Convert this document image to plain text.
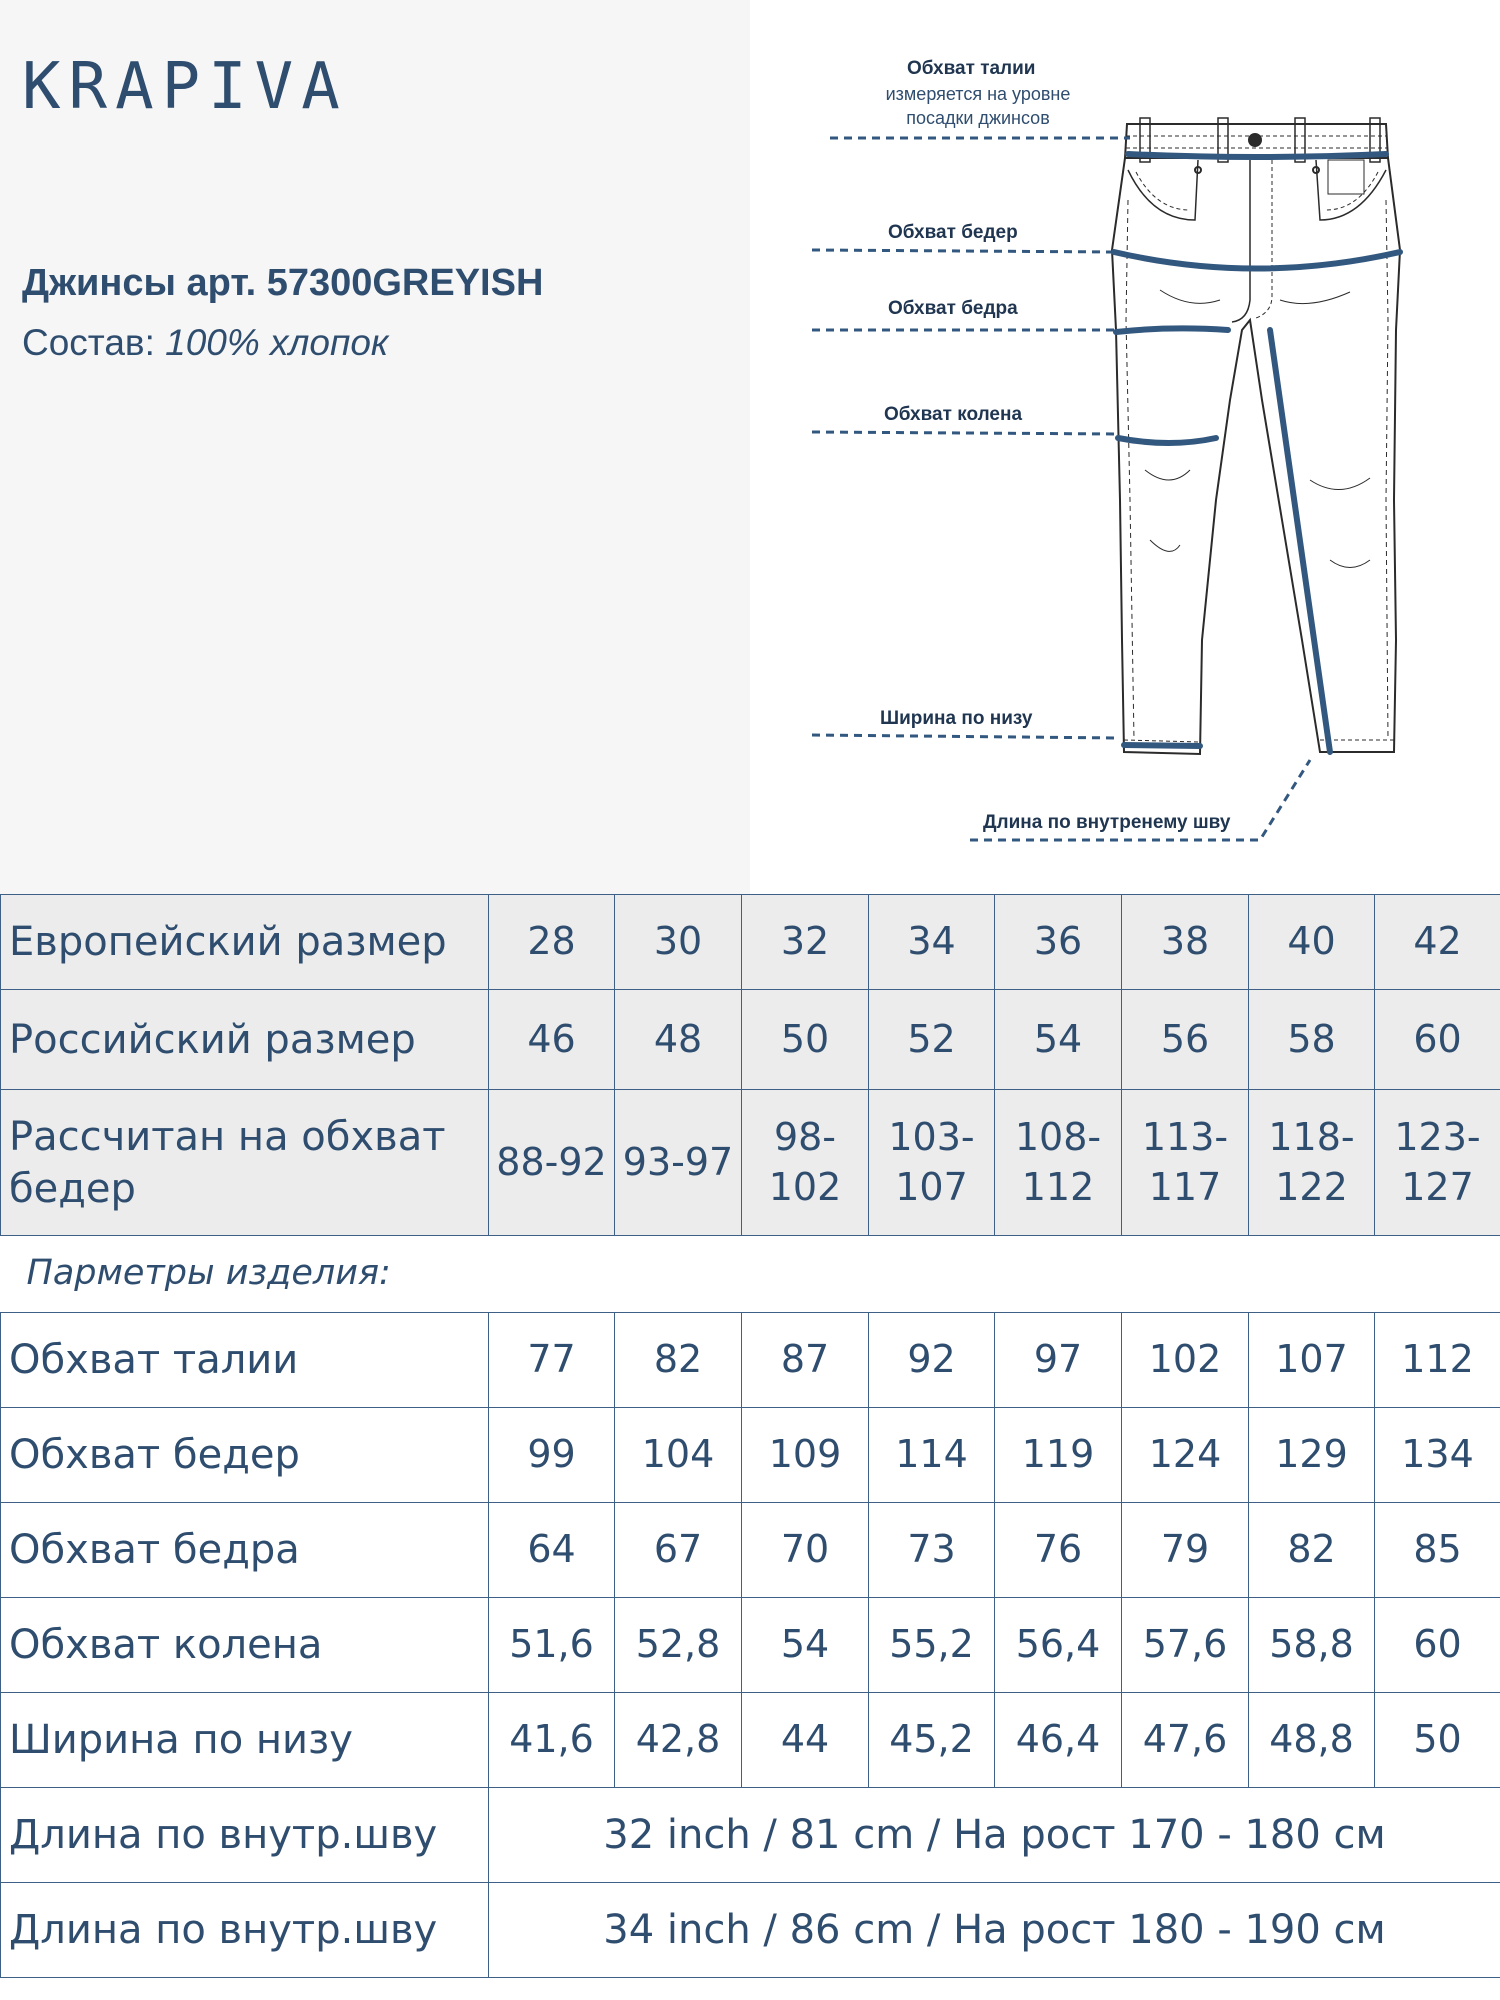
KRAPIVA
Джинсы арт. 57300GREYISH
Состав: 100% хлопок
Обхват талии
измеряется на уровне
посадки джинсов
Обхват бедер
Обхват бедра
Обхват колена
Ширина по низу
Длина по внутренему шву
Европейский размер	28	30	32	34	36	38	40	42
Российский размер	46	48	50	52	54	56	58	60
Рассчитан на обхват бедер	88-92	93-97	98-102	103-107	108-112	113-117	118-122	123-127
Парметры изделия:								
Обхват талии	77	82	87	92	97	102	107	112
Обхват бедер	99	104	109	114	119	124	129	134
Обхват бедра	64	67	70	73	76	79	82	85
Обхват колена	51,6	52,8	54	55,2	56,4	57,6	58,8	60
Ширина по низу	41,6	42,8	44	45,2	46,4	47,6	48,8	50
Длина по внутр.шву	32 inch / 81 cm / На рост 170 - 180 см							
Длина по внутр.шву	34 inch / 86 cm / На рост 180 - 190 см							
